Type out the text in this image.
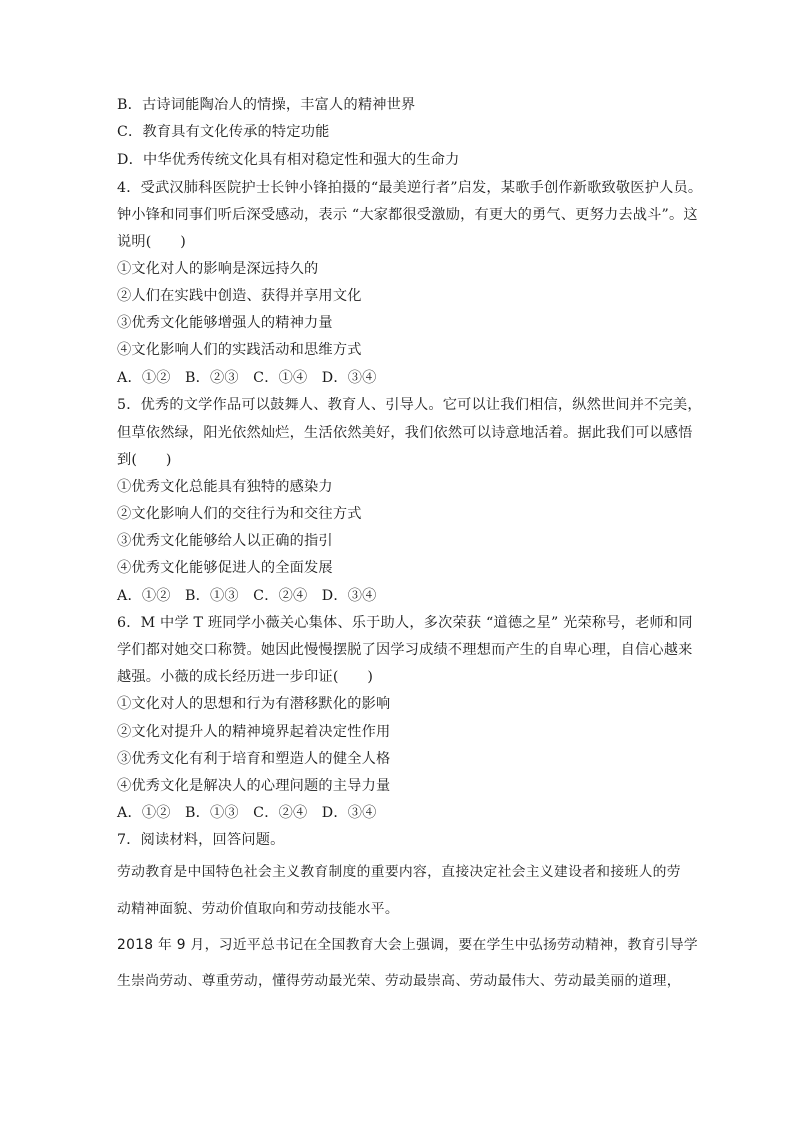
B．古诗词能陶冶人的情操，丰富人的精神世界
C．教育具有文化传承的特定功能
D．中华优秀传统文化具有相对稳定性和强大的生命力
4．受武汉肺科医院护士长钟小锋拍摄的“最美逆行者”启发，某歌手创作新歌致敬医护人员。
钟小锋和同事们听后深受感动，表示 “大家都很受激励，有更大的勇气、更努力去战斗”。这
说明(　　)
①文化对人的影响是深远持久的
②人们在实践中创造、获得并享用文化
③优秀文化能够增强人的精神力量
④文化影响人们的实践活动和思维方式
A．①②　B．②③　C．①④　D．③④
5．优秀的文学作品可以鼓舞人、教育人、引导人。它可以让我们相信，纵然世间并不完美，
但草依然绿，阳光依然灿烂，生活依然美好，我们依然可以诗意地活着。据此我们可以感悟
到(　　)
①优秀文化总能具有独特的感染力
②文化影响人们的交往行为和交往方式
③优秀文化能够给人以正确的指引
④优秀文化能够促进人的全面发展
A．①②　B．①③　C．②④　D．③④
6．M 中学 T 班同学小薇关心集体、乐于助人，多次荣获 “道德之星” 光荣称号，老师和同
学们都对她交口称赞。她因此慢慢摆脱了因学习成绩不理想而产生的自卑心理，自信心越来
越强。小薇的成长经历进一步印证(　　)
①文化对人的思想和行为有潜移默化的影响
②文化对提升人的精神境界起着决定性作用
③优秀文化有利于培育和塑造人的健全人格
④优秀文化是解决人的心理问题的主导力量
A．①②　B．①③　C．②④　D．③④
7．阅读材料，回答问题。
劳动教育是中国特色社会主义教育制度的重要内容，直接决定社会主义建设者和接班人的劳
动精神面貌、劳动价值取向和劳动技能水平。
2018 年 9 月，习近平总书记在全国教育大会上强调，要在学生中弘扬劳动精神，教育引导学
生崇尚劳动、尊重劳动，懂得劳动最光荣、劳动最崇高、劳动最伟大、劳动最美丽的道理，
